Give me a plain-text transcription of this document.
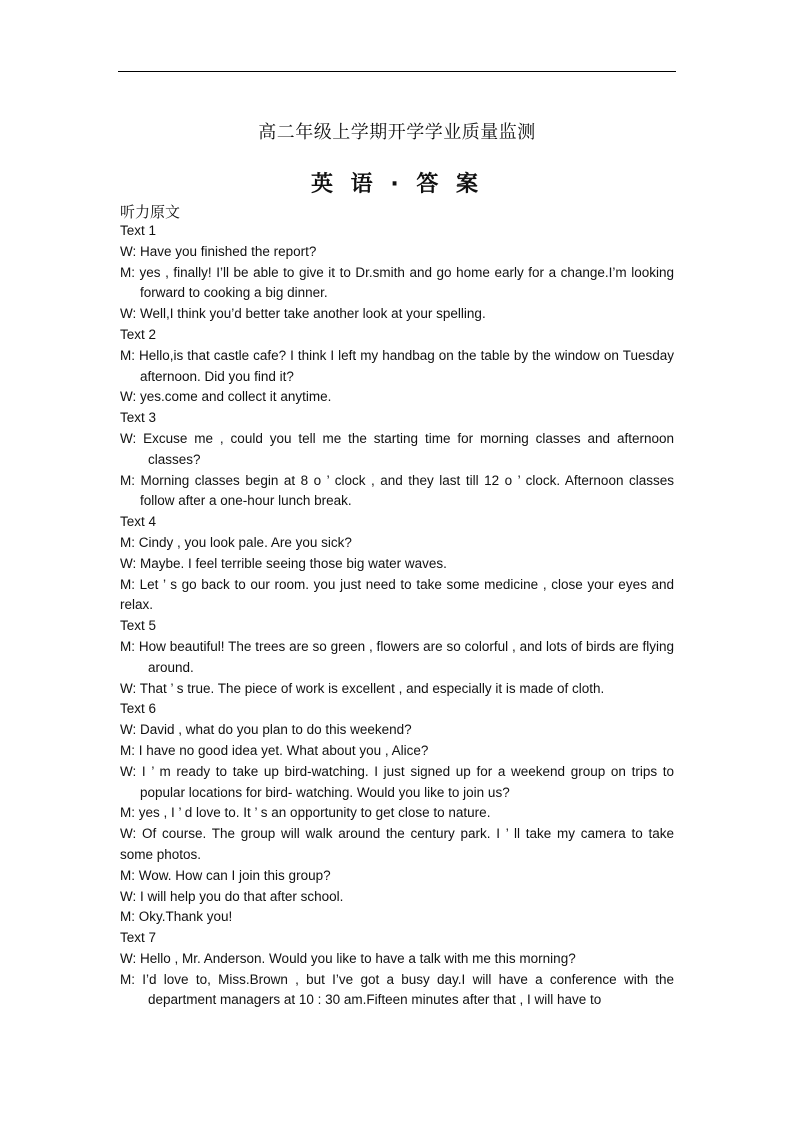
高二年级上学期开学学业质量监测
英 语 · 答 案
听力原文

Text 1

W: Have you finished the report?

M: yes , finally! I’ll be able to give it to Dr.smith and go home early for a change.I’m looking forward to cooking a big dinner.

W: Well,I think you’d better take another look at your spelling.

Text 2

M: Hello,is that castle cafe? I think I left my handbag on the table by the window on Tuesday afternoon. Did you find it?

W: yes.come and collect it anytime.

Text 3

W: Excuse me , could you tell me the starting time for morning classes and afternoon classes?

M: Morning classes begin at 8 o ’ clock , and they last till 12 o ’ clock. Afternoon classes follow after a one-hour lunch break.

Text 4

M: Cindy , you look pale. Are you sick?

W: Maybe. I feel terrible seeing those big water waves.

M: Let ’ s go back to our room. you just need to take some medicine , close your eyes and relax.

Text 5

M: How beautiful! The trees are so green , flowers are so colorful , and lots of birds are flying around.

W: That ’ s true. The piece of work is excellent , and especially it is made of cloth.

Text 6

W: David , what do you plan to do this weekend?

M: I have no good idea yet. What about you , Alice?

W: I ’ m ready to take up bird-watching. I just signed up for a weekend group on trips to popular locations for bird- watching. Would you like to join us?

M: yes , I ’ d love to. It ’ s an opportunity to get close to nature.

W: Of course. The group will walk around the century park. I ’ ll take my camera to take some photos.

M: Wow. How can I join this group?

W: I will help you do that after school.

M: Oky.Thank you!

Text 7

W: Hello , Mr. Anderson. Would you like to have a talk with me this morning?

M: I’d love to, Miss.Brown , but I’ve got a busy day.I will have a conference with the department managers at 10 : 30 am.Fifteen minutes after that , I will have to
